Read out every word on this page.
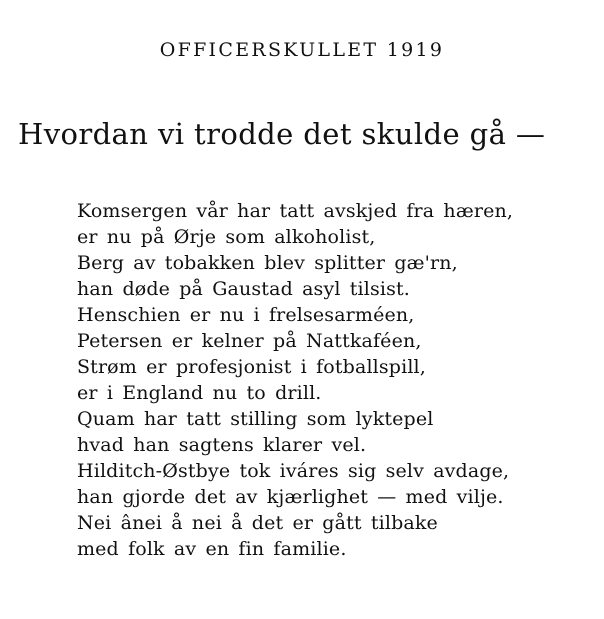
OFFICERSKULLET 1919
Hvordan vi trodde det skulde gå —
Komsergen vår har tatt avskjed fra hæren,
er nu på Ørje som alkoholist,
Berg av tobakken blev splitter gæ'rn,
han døde på Gaustad asyl tilsist.
Henschien er nu i frelsesarméen,
Petersen er kelner på Nattkaféen,
Strøm er profesjonist i fotballspill,
er i England nu to drill.
Quam har tatt stilling som lyktepel
hvad han sagtens klarer vel.
Hilditch-Østbye tok iváres sig selv avdage,
han gjorde det av kjærlighet — med vilje.
Nei ânei å nei å det er gått tilbake
med folk av en fin familie.
